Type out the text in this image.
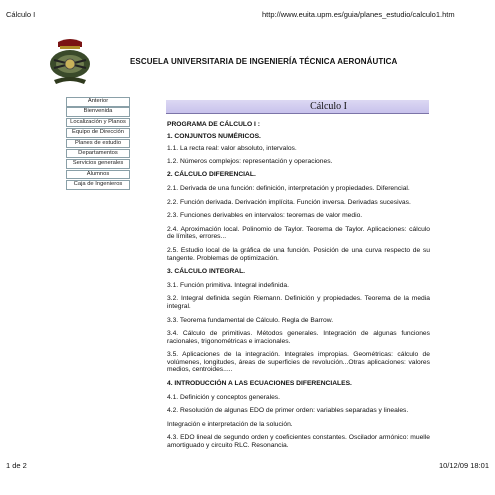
Cálculo I	http://www.euita.upm.es/guia/planes_estudio/calculo1.htm
ESCUELA UNIVERSITARIA DE INGENIERÍA TÉCNICA AERONÁUTICA
Anterior
Bienvenida
Localización y Planos
Equipo de Dirección
Planes de estudio
Departamentos
Servicios generales
Alumnos
Caja de Ingenieros
Cálculo I

PROGRAMA DE CÁLCULO I :

1. CONJUNTOS NUMÉRICOS.

1.1. La recta real: valor absoluto, intervalos.

1.2. Números complejos: representación y operaciones.

2. CÁLCULO DIFERENCIAL.

2.1. Derivada de una función: definición, interpretación y propiedades. Diferencial.

2.2. Función derivada. Derivación implícita. Función inversa. Derivadas sucesivas.

2.3. Funciones derivables en intervalos: teoremas de valor medio.

2.4. Aproximación local. Polinomio de Taylor. Teorema de Taylor. Aplicaciones: cálculo de límites, errores...

2.5. Estudio local de la gráfica de una función. Posición de una curva respecto de su tangente. Problemas de optimización.

3. CÁLCULO INTEGRAL.

3.1. Función primitiva. Integral indefinida.

3.2. Integral definida según Riemann. Definición y propiedades. Teorema de la media integral.

3.3. Teorema fundamental de Cálculo. Regla de Barrow.

3.4. Cálculo de primitivas. Métodos generales. Integración de algunas funciones racionales, trigonométricas e irracionales.

3.5. Aplicaciones de la integración. Integrales impropias. Geométricas: cálculo de volúmenes, longitudes, áreas de superficies de revolución...Otras aplicaciones: valores medios, centroides.....

4. INTRODUCCIÓN A LAS ECUACIONES DIFERENCIALES.

4.1. Definición y conceptos generales.

4.2. Resolución de algunas EDO de primer orden: variables separadas y lineales.

Integración e interpretación de la solución.

4.3. EDO lineal de segundo orden y coeficientes constantes. Oscilador armónico: muelle amortiguado y circuito RLC. Resonancia.

1 de 2	10/12/09 18:01
